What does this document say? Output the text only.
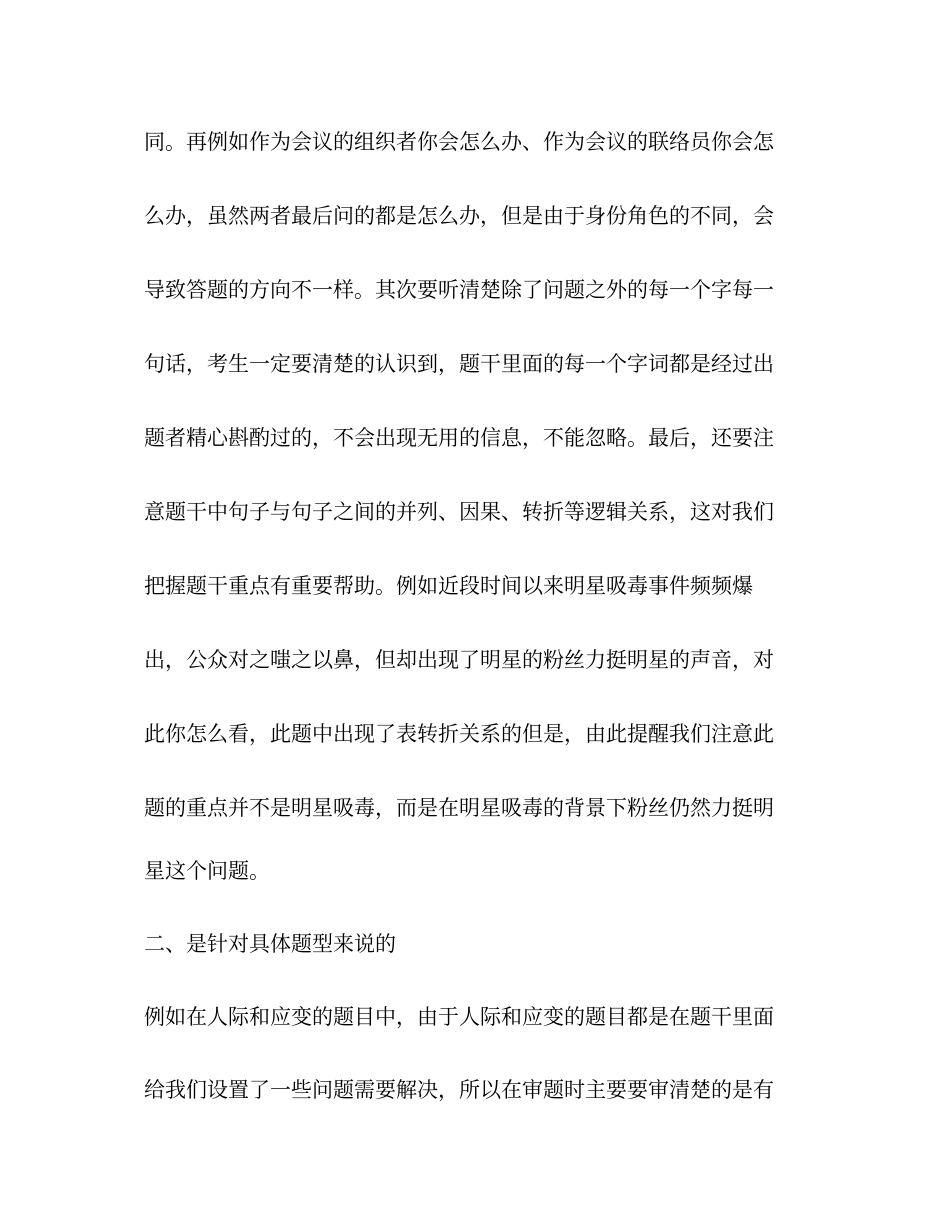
同。再例如作为会议的组织者你会怎么办、作为会议的联络员你会怎

么办，虽然两者最后问的都是怎么办，但是由于身份角色的不同，会

导致答题的方向不一样。其次要听清楚除了问题之外的每一个字每一

句话，考生一定要清楚的认识到，题干里面的每一个字词都是经过出

题者精心斟酌过的，不会出现无用的信息，不能忽略。最后，还要注

意题干中句子与句子之间的并列、因果、转折等逻辑关系，这对我们

把握题干重点有重要帮助。例如近段时间以来明星吸毒事件频频爆

出，公众对之嗤之以鼻，但却出现了明星的粉丝力挺明星的声音，对

此你怎么看，此题中出现了表转折关系的但是，由此提醒我们注意此

题的重点并不是明星吸毒，而是在明星吸毒的背景下粉丝仍然力挺明

星这个问题。

二、是针对具体题型来说的

例如在人际和应变的题目中，由于人际和应变的题目都是在题干里面

给我们设置了一些问题需要解决，所以在审题时主要要审清楚的是有
